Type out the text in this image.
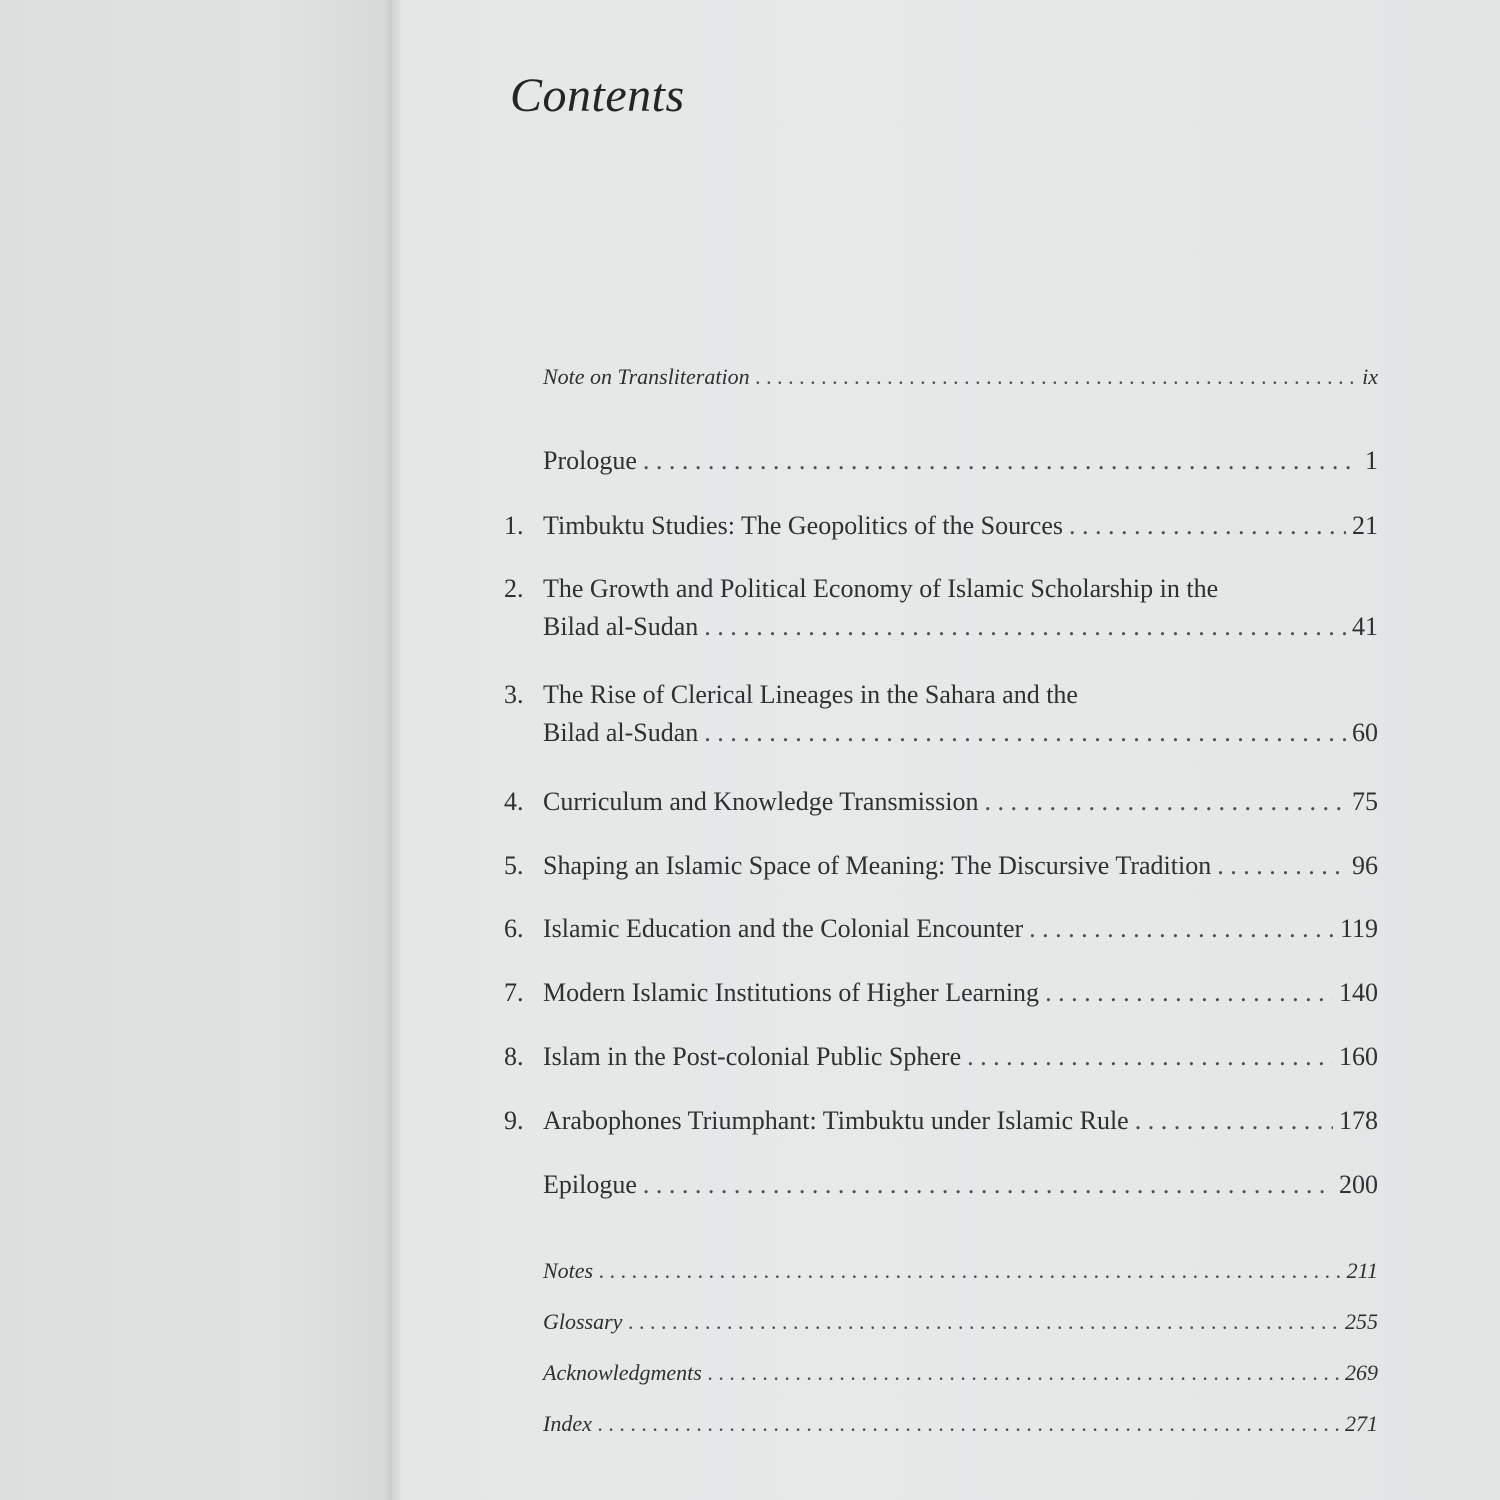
Contents
Note on Transliteration . . .	ix
Prologue . . .	1
1. Timbuktu Studies: The Geopolitics of the Sources . . .	21
2. The Growth and Political Economy of Islamic Scholarship in the
Bilad al-Sudan . . .	41
3. The Rise of Clerical Lineages in the Sahara and the
Bilad al-Sudan . . .	60
4. Curriculum and Knowledge Transmission . . .	75
5. Shaping an Islamic Space of Meaning: The Discursive Tradition . . .	96
6. Islamic Education and the Colonial Encounter . . .	119
7. Modern Islamic Institutions of Higher Learning . . .	140
8. Islam in the Post-colonial Public Sphere . . .	160
9. Arabophones Triumphant: Timbuktu under Islamic Rule . . .	178
Epilogue . . .	200
Notes . . .	211
Glossary . . .	255
Acknowledgments . . .	269
Index . . .	271
